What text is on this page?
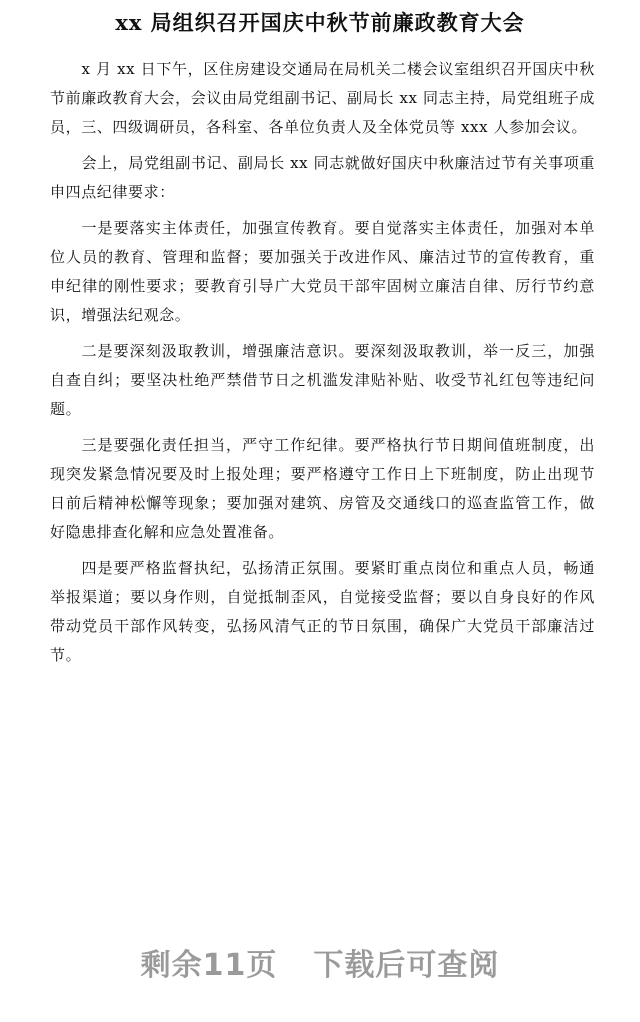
xx 局组织召开国庆中秋节前廉政教育大会

x 月 xx 日下午，区住房建设交通局在局机关二楼会议室组织召开国庆中秋节前廉政教育大会，会议由局党组副书记、副局长 xx 同志主持，局党组班子成员，三、四级调研员，各科室、各单位负责人及全体党员等 xxx 人参加会议。

会上，局党组副书记、副局长 xx 同志就做好国庆中秋廉洁过节有关事项重申四点纪律要求：

一是要落实主体责任，加强宣传教育。要自觉落实主体责任，加强对本单位人员的教育、管理和监督；要加强关于改进作风、廉洁过节的宣传教育，重申纪律的刚性要求；要教育引导广大党员干部牢固树立廉洁自律、厉行节约意识，增强法纪观念。

二是要深刻汲取教训，增强廉洁意识。要深刻汲取教训，举一反三，加强自查自纠；要坚决杜绝严禁借节日之机滥发津贴补贴、收受节礼红包等违纪问题。

三是要强化责任担当，严守工作纪律。要严格执行节日期间值班制度，出现突发紧急情况要及时上报处理；要严格遵守工作日上下班制度，防止出现节日前后精神松懈等现象；要加强对建筑、房管及交通线口的巡查监管工作，做好隐患排查化解和应急处置准备。

四是要严格监督执纪，弘扬清正氛围。要紧盯重点岗位和重点人员，畅通举报渠道；要以身作则，自觉抵制歪风，自觉接受监督；要以自身良好的作风带动党员干部作风转变，弘扬风清气正的节日氛围，确保广大党员干部廉洁过节。

剩余11页 下载后可查阅
